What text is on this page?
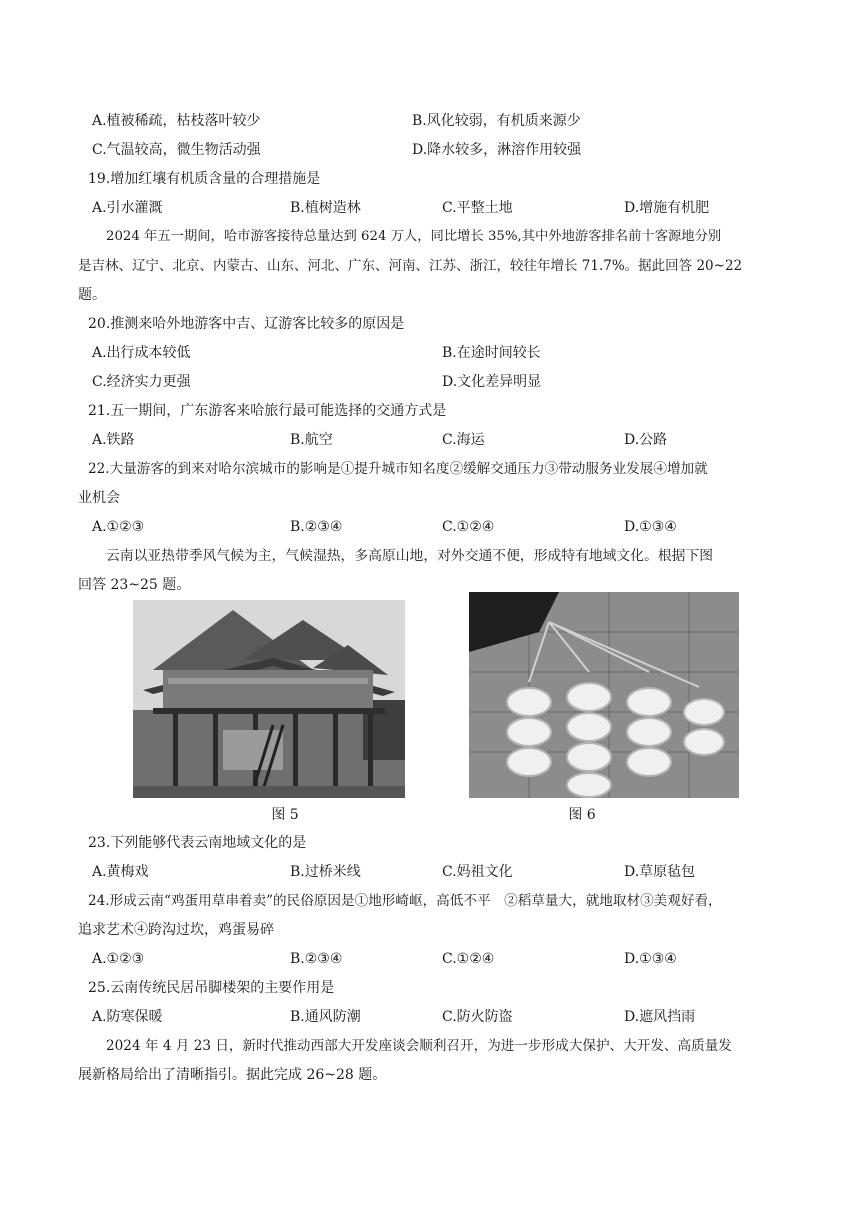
A.植被稀疏，枯枝落叶较少	B.风化较弱，有机质来源少
C.气温较高，微生物活动强	D.降水较多，淋溶作用较强
19.增加红壤有机质含量的合理措施是
A.引水灌溉	B.植树造林	C.平整土地	D.增施有机肥
2024 年五一期间，哈市游客接待总量达到 624 万人，同比增长 35%,其中外地游客排名前十客源地分别
是吉林、辽宁、北京、内蒙古、山东、河北、广东、河南、江苏、浙江，较往年增长 71.7%。据此回答 20~22
题。
20.推测来哈外地游客中吉、辽游客比较多的原因是
A.出行成本较低	B.在途时间较长
C.经济实力更强	D.文化差异明显
21.五一期间，广东游客来哈旅行最可能选择的交通方式是
A.铁路	B.航空	C.海运	D.公路
22.大量游客的到来对哈尔滨城市的影响是①提升城市知名度②缓解交通压力③带动服务业发展④增加就
业机会
A.①②③	B.②③④	C.①②④	D.①③④
云南以亚热带季风气候为主，气候湿热，多高原山地，对外交通不便，形成特有地域文化。根据下图
回答 23~25 题。
图 5	图 6
23.下列能够代表云南地域文化的是
A.黄梅戏	B.过桥米线	C.妈祖文化	D.草原毡包
24.形成云南“鸡蛋用草串着卖”的民俗原因是①地形崎岖，高低不平　②稻草量大，就地取材③美观好看，
追求艺术④跨沟过坎，鸡蛋易碎
A.①②③	B.②③④	C.①②④	D.①③④
25.云南传统民居吊脚楼架的主要作用是
A.防寒保暖	B.通风防潮	C.防火防盗	D.遮风挡雨
2024 年 4 月 23 日，新时代推动西部大开发座谈会顺利召开，为进一步形成大保护、大开发、高质量发
展新格局给出了清晰指引。据此完成 26~28 题。
